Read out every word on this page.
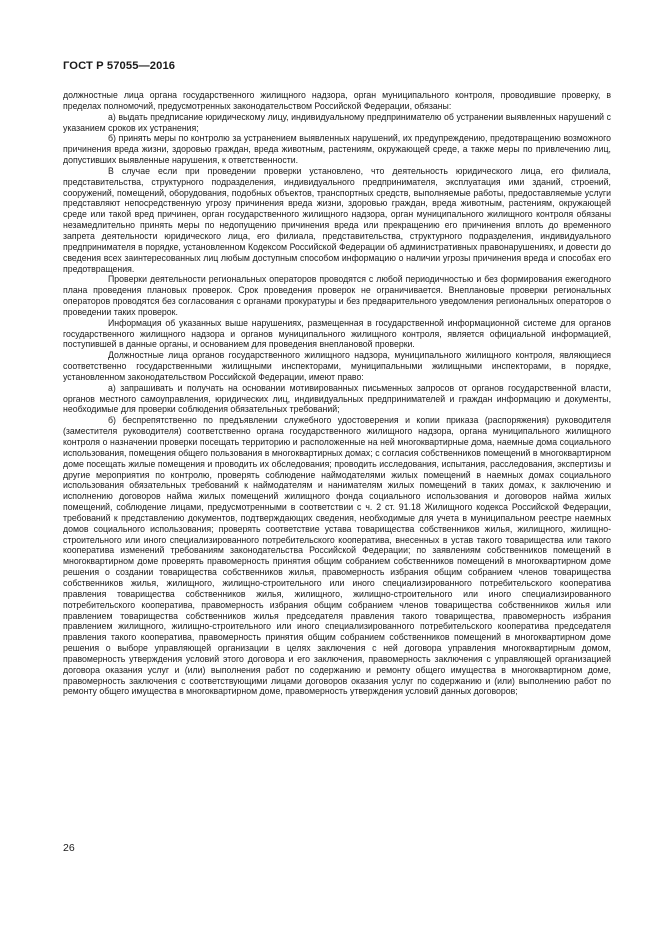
ГОСТ Р 57055—2016

должностные лица органа государственного жилищного надзора, орган муниципального контроля, проводившие проверку, в пределах полномочий, предусмотренных законодательством Российской Федерации, обязаны:

а) выдать предписание юридическому лицу, индивидуальному предпринимателю об устранении выявленных нарушений с указанием сроков их устранения;

б) принять меры по контролю за устранением выявленных нарушений, их предупреждению, предотвращению возможного причинения вреда жизни, здоровью граждан, вреда животным, растениям, окружающей среде, а также меры по привлечению лиц, допустивших выявленные нарушения, к ответственности.

В случае если при проведении проверки установлено, что деятельность юридического лица, его филиала, представительства, структурного подразделения, индивидуального предпринимателя, эксплуатация ими зданий, строений, сооружений, помещений, оборудования, подобных объектов, транспортных средств, выполняемые работы, предоставляемые услуги представляют непосредственную угрозу причинения вреда жизни, здоровью граждан, вреда животным, растениям, окружающей среде или такой вред причинен, орган государственного жилищного надзора, орган муниципального жилищного контроля обязаны незамедлительно принять меры по недопущению причинения вреда или прекращению его причинения вплоть до временного запрета деятельности юридического лица, его филиала, представительства, структурного подразделения, индивидуального предпринимателя в порядке, установленном Кодексом Российской Федерации об административных правонарушениях, и довести до сведения всех заинтересованных лиц любым доступным способом информацию о наличии угрозы причинения вреда и способах его предотвращения.

Проверки деятельности региональных операторов проводятся с любой периодичностью и без формирования ежегодного плана проведения плановых проверок. Срок проведения проверок не ограничивается. Внеплановые проверки региональных операторов проводятся без согласования с органами прокуратуры и без предварительного уведомления региональных операторов о проведении таких проверок.

Информация об указанных выше нарушениях, размещенная в государственной информационной системе для органов государственного жилищного надзора и органов муниципального жилищного контроля, является официальной информацией, поступившей в данные органы, и основанием для проведения внеплановой проверки.

Должностные лица органов государственного жилищного надзора, муниципального жилищного контроля, являющиеся соответственно государственными жилищными инспекторами, муниципальными жилищными инспекторами, в порядке, установленном законодательством Российской Федерации, имеют право:

а) запрашивать и получать на основании мотивированных письменных запросов от органов государственной власти, органов местного самоуправления, юридических лиц, индивидуальных предпринимателей и граждан информацию и документы, необходимые для проверки соблюдения обязательных требований;

б) беспрепятственно по предъявлении служебного удостоверения и копии приказа (распоряжения) руководителя (заместителя руководителя) соответственно органа государственного жилищного надзора, органа муниципального жилищного контроля о назначении проверки посещать территорию и расположенные на ней многоквартирные дома, наемные дома социального использования, помещения общего пользования в многоквартирных домах; с согласия собственников помещений в многоквартирном доме посещать жилые помещения и проводить их обследования; проводить исследования, испытания, расследования, экспертизы и другие мероприятия по контролю, проверять соблюдение наймодателями жилых помещений в наемных домах социального использования обязательных требований к наймодателям и нанимателям жилых помещений в таких домах, к заключению и исполнению договоров найма жилых помещений жилищного фонда социального использования и договоров найма жилых помещений, соблюдение лицами, предусмотренными в соответствии с ч. 2 ст. 91.18 Жилищного кодекса Российской Федерации, требований к представлению документов, подтверждающих сведения, необходимые для учета в муниципальном реестре наемных домов социального использования; проверять соответствие устава товарищества собственников жилья, жилищного, жилищно-строительного или иного специализированного потребительского кооператива, внесенных в устав такого товарищества или такого кооператива изменений требованиям законодательства Российской Федерации; по заявлениям собственников помещений в многоквартирном доме проверять правомерность принятия общим собранием собственников помещений в многоквартирном доме решения о создании товарищества собственников жилья, правомерность избрания общим собранием членов товарищества собственников жилья, жилищного, жилищно-строительного или иного специализированного потребительского кооператива правления товарищества собственников жилья, жилищного, жилищно-строительного или иного специализированного потребительского кооператива, правомерность избрания общим собранием членов товарищества собственников жилья или правлением товарищества собственников жилья председателя правления такого товарищества, правомерность избрания правлением жилищного, жилищно-строительного или иного специализированного потребительского кооператива председателя правления такого кооператива, правомерность принятия общим собранием собственников помещений в многоквартирном доме решения о выборе управляющей организации в целях заключения с ней договора управления многоквартирным домом, правомерность утверждения условий этого договора и его заключения, правомерность заключения с управляющей организацией договора оказания услуг и (или) выполнения работ по содержанию и ремонту общего имущества в многоквартирном доме, правомерность заключения с соответствующими лицами договоров оказания услуг по содержанию и (или) выполнению работ по ремонту общего имущества в многоквартирном доме, правомерность утверждения условий данных договоров;

26
